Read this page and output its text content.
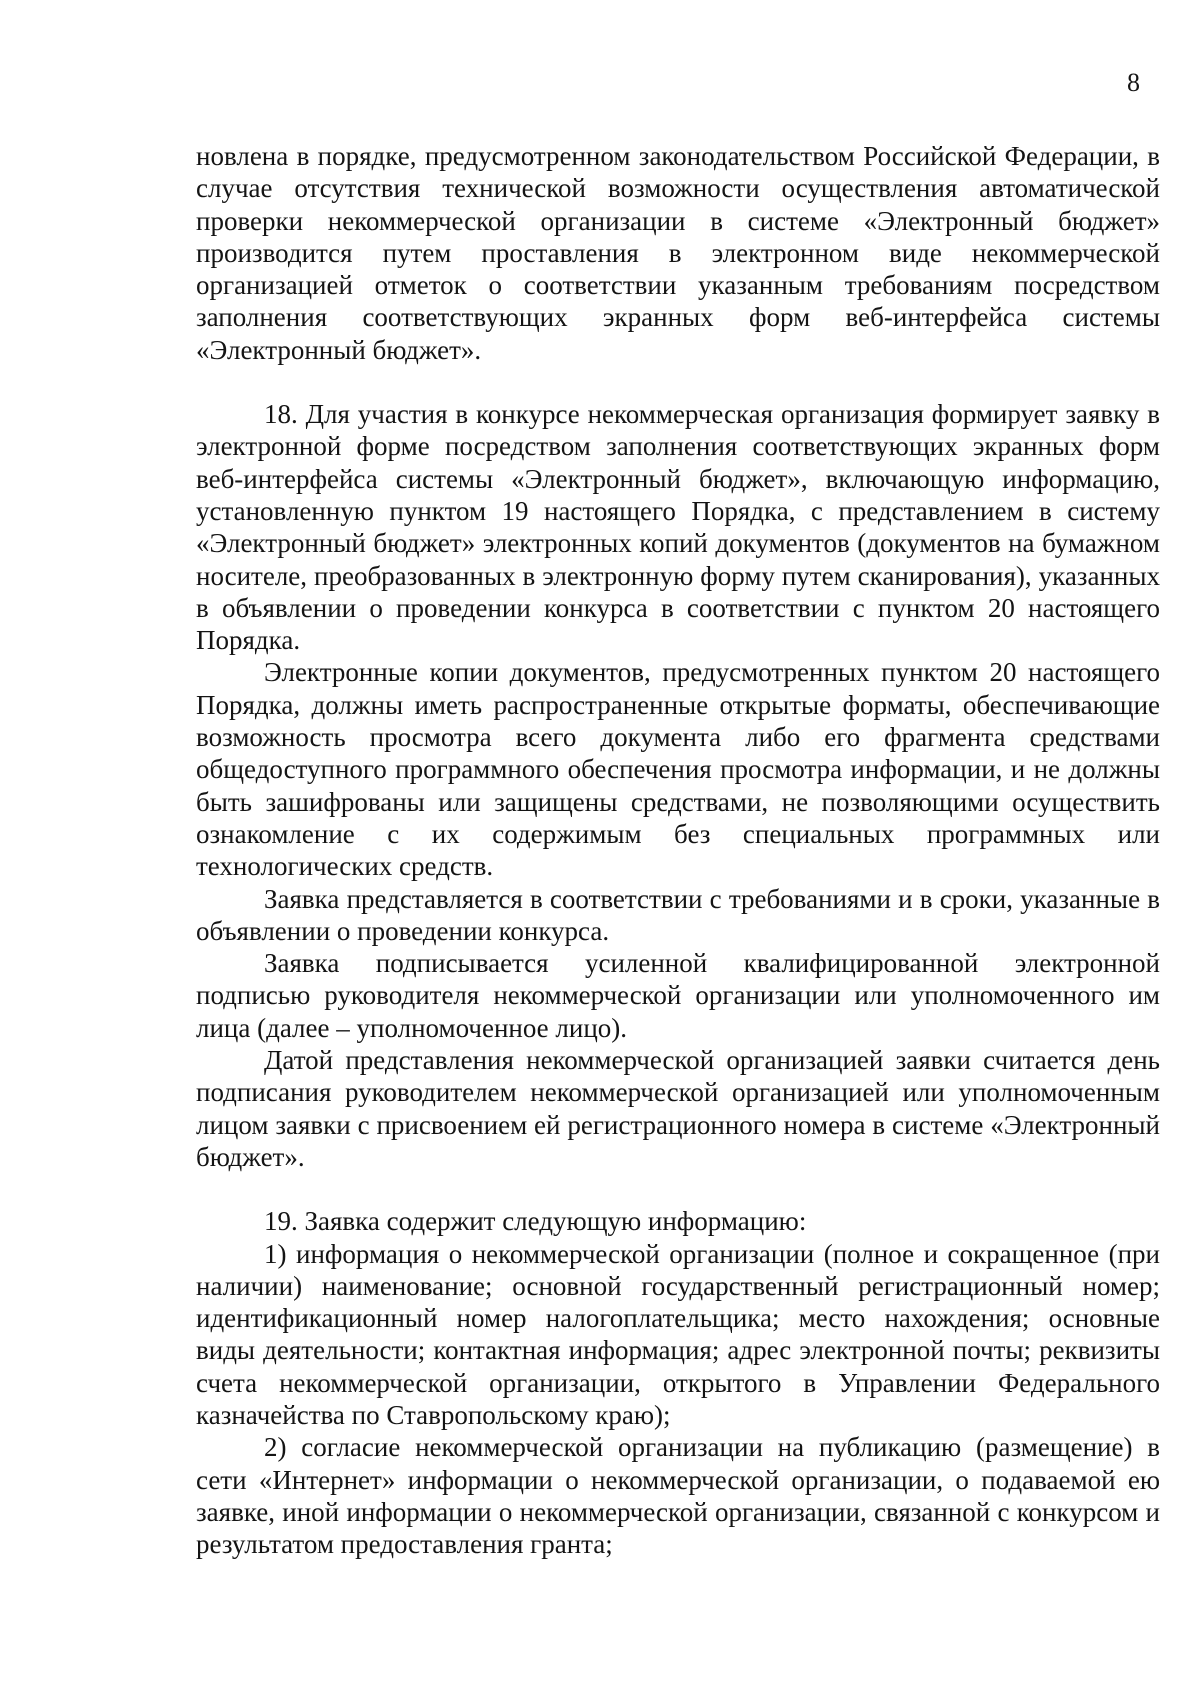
8

новлена в порядке, предусмотренном законодательством Российской Федерации, в случае отсутствия технической возможности осуществления автоматической проверки некоммерческой организации в системе «Электронный бюджет» производится путем проставления в электронном виде некоммерческой организацией отметок о соответствии указанным требованиям посредством заполнения соответствующих экранных форм веб-интерфейса системы «Электронный бюджет».

18. Для участия в конкурсе некоммерческая организация формирует заявку в электронной форме посредством заполнения соответствующих экранных форм веб-интерфейса системы «Электронный бюджет», включающую информацию, установленную пунктом 19 настоящего Порядка, с представлением в систему «Электронный бюджет» электронных копий документов (документов на бумажном носителе, преобразованных в электронную форму путем сканирования), указанных в объявлении о проведении конкурса в соответствии с пунктом 20 настоящего Порядка.

Электронные копии документов, предусмотренных пунктом 20 настоящего Порядка, должны иметь распространенные открытые форматы, обеспечивающие возможность просмотра всего документа либо его фрагмента средствами общедоступного программного обеспечения просмотра информации, и не должны быть зашифрованы или защищены средствами, не позволяющими осуществить ознакомление с их содержимым без специальных программных или технологических средств.

Заявка представляется в соответствии с требованиями и в сроки, указанные в объявлении о проведении конкурса.

Заявка подписывается усиленной квалифицированной электронной подписью руководителя некоммерческой организации или уполномоченного им лица (далее – уполномоченное лицо).

Датой представления некоммерческой организацией заявки считается день подписания руководителем некоммерческой организацией или уполномоченным лицом заявки с присвоением ей регистрационного номера в системе «Электронный бюджет».

19. Заявка содержит следующую информацию:

1) информация о некоммерческой организации (полное и сокращенное (при наличии) наименование; основной государственный регистрационный номер; идентификационный номер налогоплательщика; место нахождения; основные виды деятельности; контактная информация; адрес электронной почты; реквизиты счета некоммерческой организации, открытого в Управлении Федерального казначейства по Ставропольскому краю);

2) согласие некоммерческой организации на публикацию (размещение) в сети «Интернет» информации о некоммерческой организации, о подаваемой ею заявке, иной информации о некоммерческой организации, связанной с конкурсом и результатом предоставления гранта;
